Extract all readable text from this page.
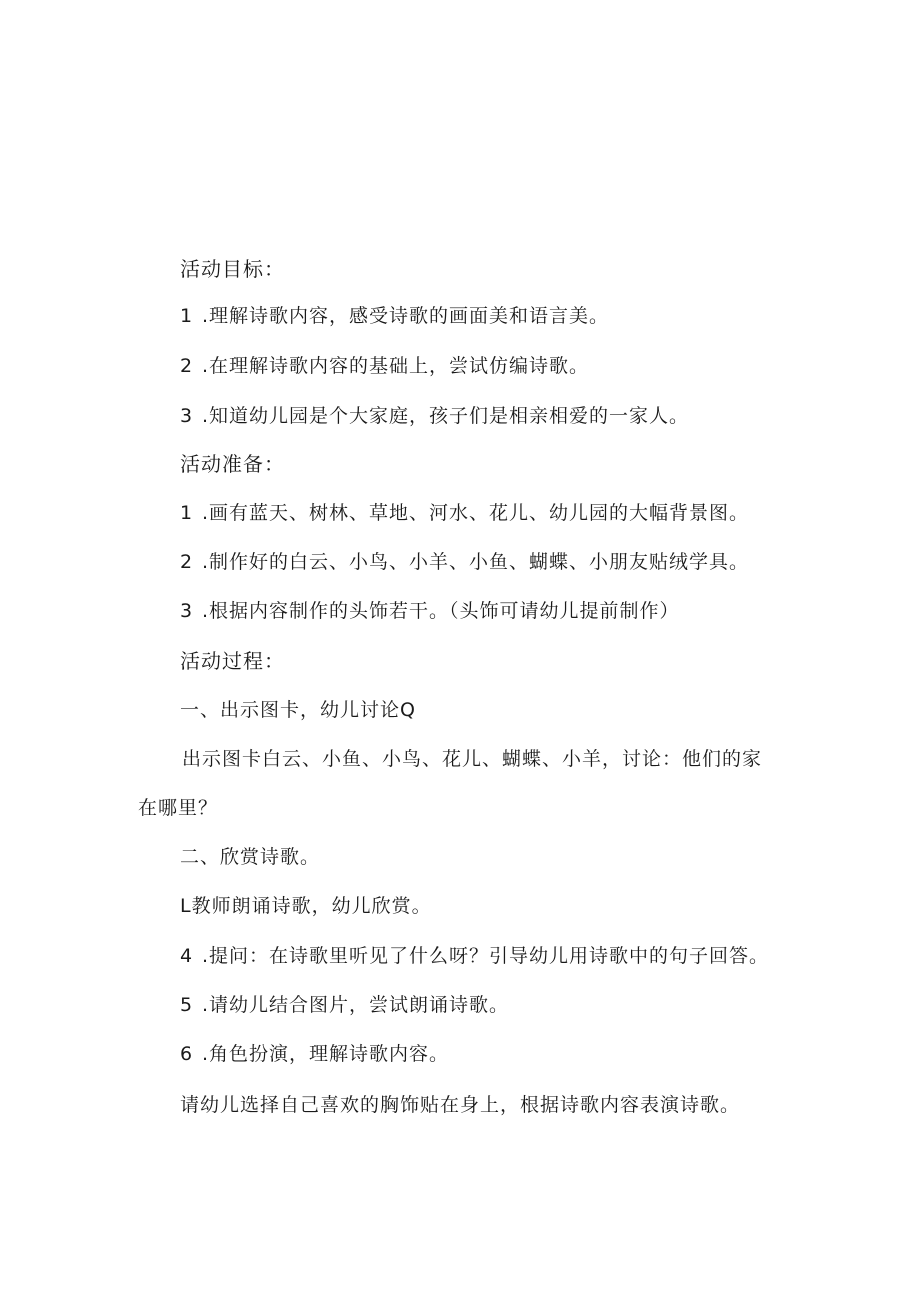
活动目标：
1 .理解诗歌内容，感受诗歌的画面美和语言美。
2 .在理解诗歌内容的基础上，尝试仿编诗歌。
3 .知道幼儿园是个大家庭，孩子们是相亲相爱的一家人。
活动准备：
1 .画有蓝天、树林、草地、河水、花儿、幼儿园的大幅背景图。
2 .制作好的白云、小鸟、小羊、小鱼、蝴蝶、小朋友贴绒学具。
3 .根据内容制作的头饰若干。（头饰可请幼儿提前制作）
活动过程：
一、出示图卡，幼儿讨论Q
出示图卡白云、小鱼、小鸟、花儿、蝴蝶、小羊，讨论：他们的家
在哪里？
二、欣赏诗歌。
L教师朗诵诗歌，幼儿欣赏。
4 .提问：在诗歌里听见了什么呀？引导幼儿用诗歌中的句子回答。
5 .请幼儿结合图片，尝试朗诵诗歌。
6 .角色扮演，理解诗歌内容。
请幼儿选择自己喜欢的胸饰贴在身上，根据诗歌内容表演诗歌。
